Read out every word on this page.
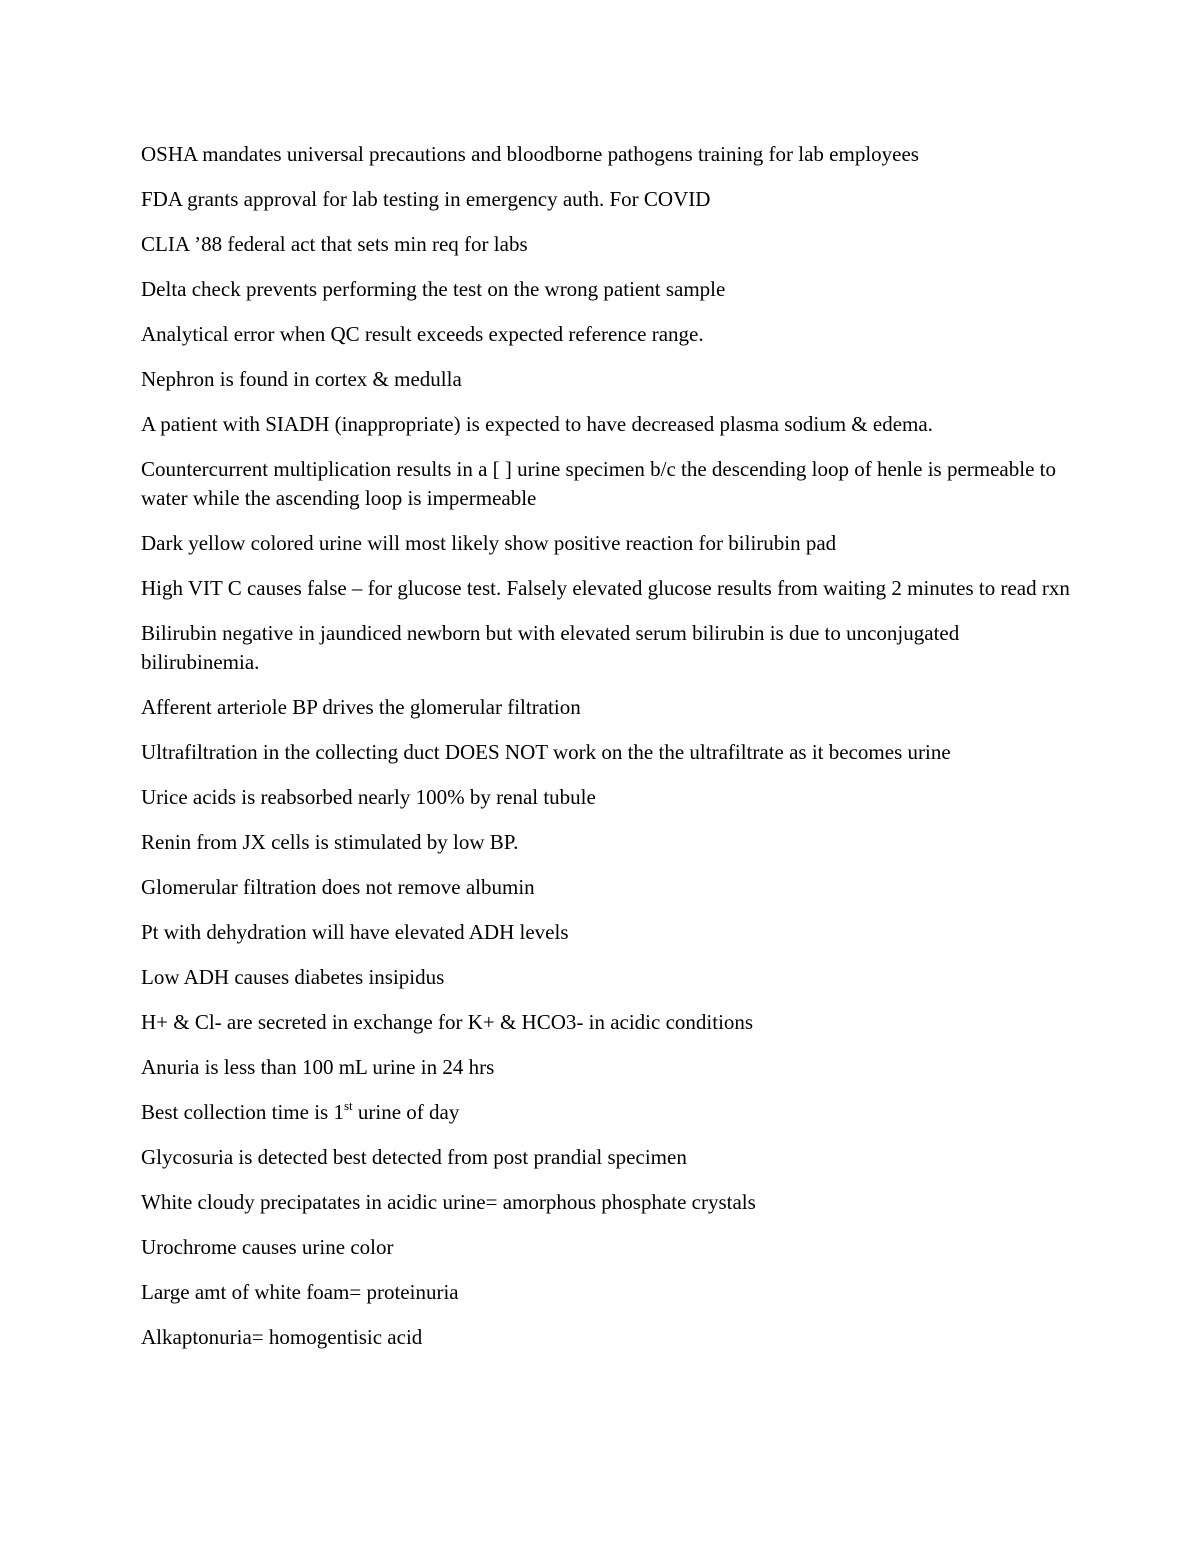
OSHA mandates universal precautions and bloodborne pathogens training for lab employees

FDA grants approval for lab testing in emergency auth. For COVID

CLIA ’88 federal act that sets min req for labs

Delta check prevents performing the test on the wrong patient sample

Analytical error when QC result exceeds expected reference range.

Nephron is found in cortex & medulla

A patient with SIADH (inappropriate) is expected to have decreased plasma sodium & edema.

Countercurrent multiplication results in a [ ] urine specimen b/c the descending loop of henle is permeable to water while the ascending loop is impermeable

Dark yellow colored urine will most likely show positive reaction for bilirubin pad

High VIT C causes false – for glucose test. Falsely elevated glucose results from waiting 2 minutes to read rxn

Bilirubin negative in jaundiced newborn but with elevated serum bilirubin is due to unconjugated bilirubinemia.

Afferent arteriole BP drives the glomerular filtration

Ultrafiltration in the collecting duct DOES NOT work on the the ultrafiltrate as it becomes urine

Urice acids is reabsorbed nearly 100% by renal tubule

Renin from JX cells is stimulated by low BP.

Glomerular filtration does not remove albumin

Pt with dehydration will have elevated ADH levels

Low ADH causes diabetes insipidus

H+ & Cl- are secreted in exchange for K+ & HCO3- in acidic conditions

Anuria is less than 100 mL urine in 24 hrs

Best collection time is 1st urine of day

Glycosuria is detected best detected from post prandial specimen

White cloudy precipatates in acidic urine= amorphous phosphate crystals

Urochrome causes urine color

Large amt of white foam= proteinuria

Alkaptonuria= homogentisic acid
